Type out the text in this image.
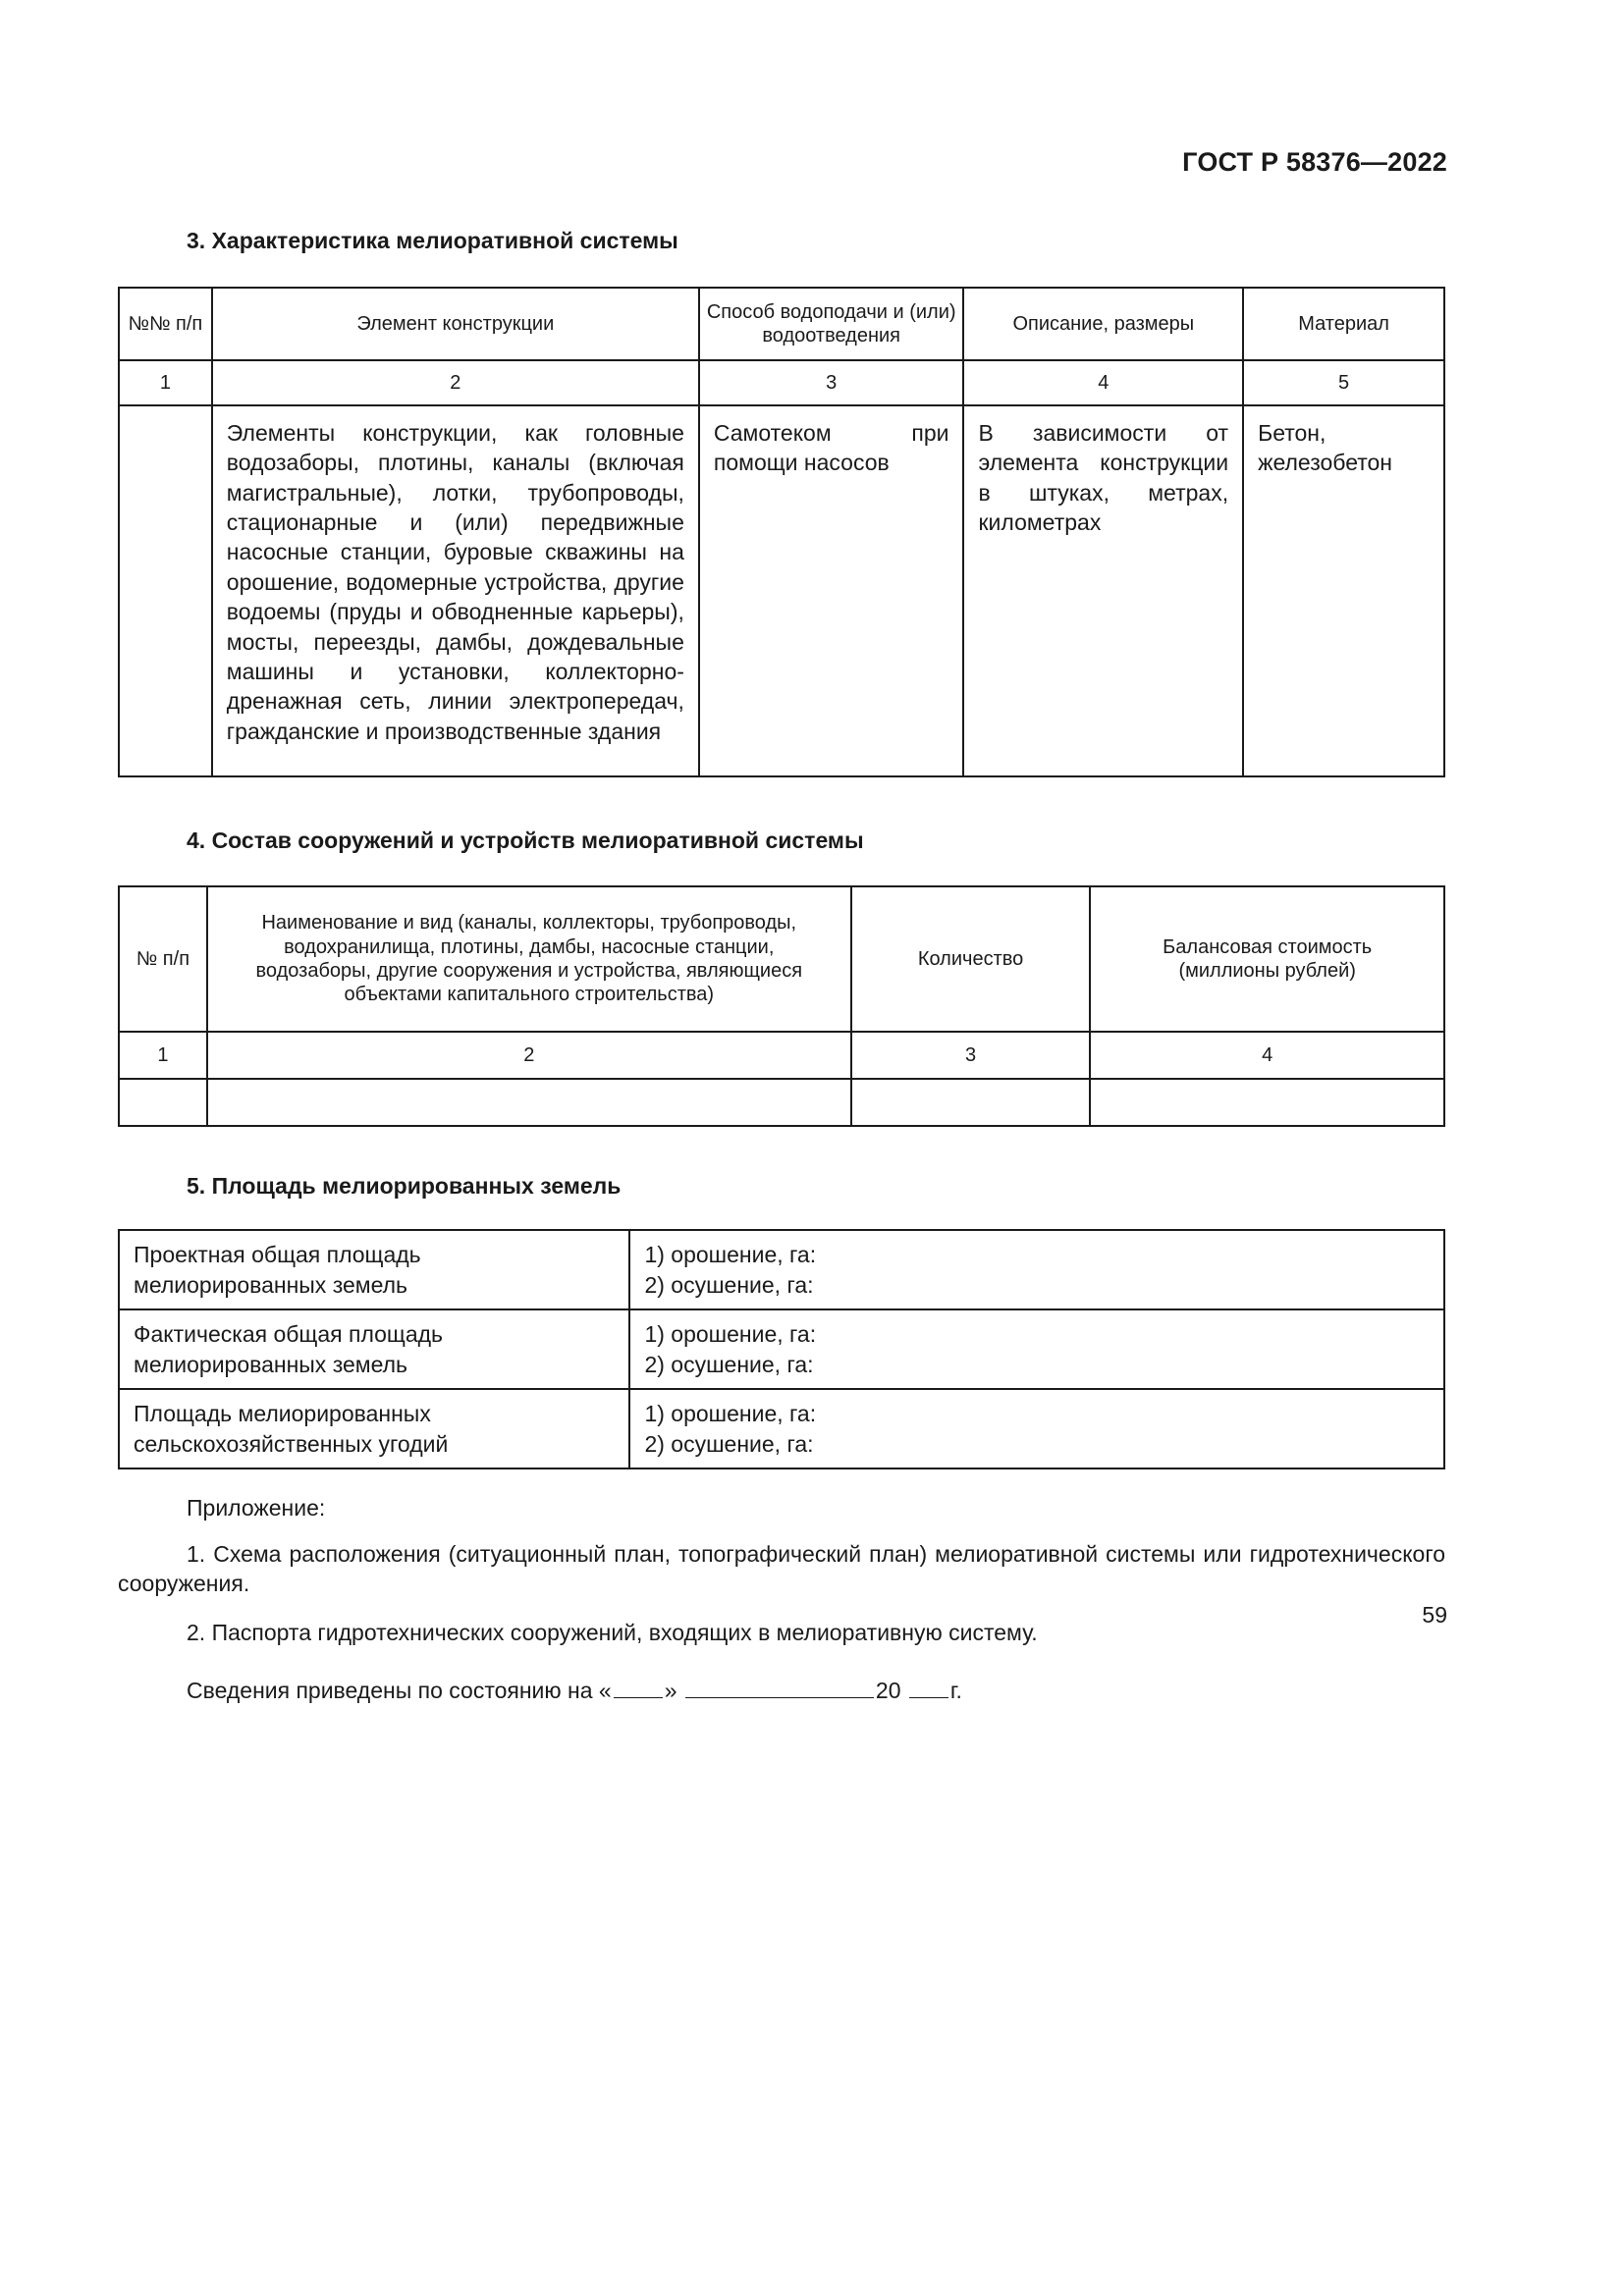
ГОСТ Р 58376—2022
3. Характеристика мелиоративной системы
№№ п/п	Элемент конструкции	Способ водоподачи и (или) водоотведения	Описание, размеры	Материал
1	2	3	4	5
	Элементы конструкции, как головные водозаборы, плотины, каналы (включая магистральные), лотки, трубопроводы, стационарные и (или) передвижные насосные станции, буровые скважины на орошение, водомерные устройства, другие водоемы (пруды и обводненные карьеры), мосты, переезды, дамбы, дождевальные машины и установки, коллекторно-дренажная сеть, линии электропередач, гражданские и производственные здания	Самотеком при помощи насосов	В зависимости от элемента конструкции в штуках, метрах, километрах	Бетон, железобетон
4. Состав сооружений и устройств мелиоративной системы
№ п/п	Наименование и вид (каналы, коллекторы, трубопроводы, водохранилища, плотины, дамбы, насосные станции, водозаборы, другие сооружения и устройства, являющиеся объектами капитального строительства)	Количество	Балансовая стоимость (миллионы рублей)
1	2	3	4

5. Площадь мелиорированных земель
Проектная общая площадь мелиорированных земель	1) орошение, га:
2) осушение, га:

Фактическая общая площадь мелиорированных земель	1) орошение, га:
2) осушение, га:

Площадь мелиорированных сельскохозяйственных угодий	1) орошение, га:
2) осушение, га:
Приложение:
1. Схема расположения (ситуационный план, топографический план) мелиоративной системы или гидротехнического сооружения.
2. Паспорта гидротехнических сооружений, входящих в мелиоративную систему.
Сведения приведены по состоянию на « »	20 г.
59
